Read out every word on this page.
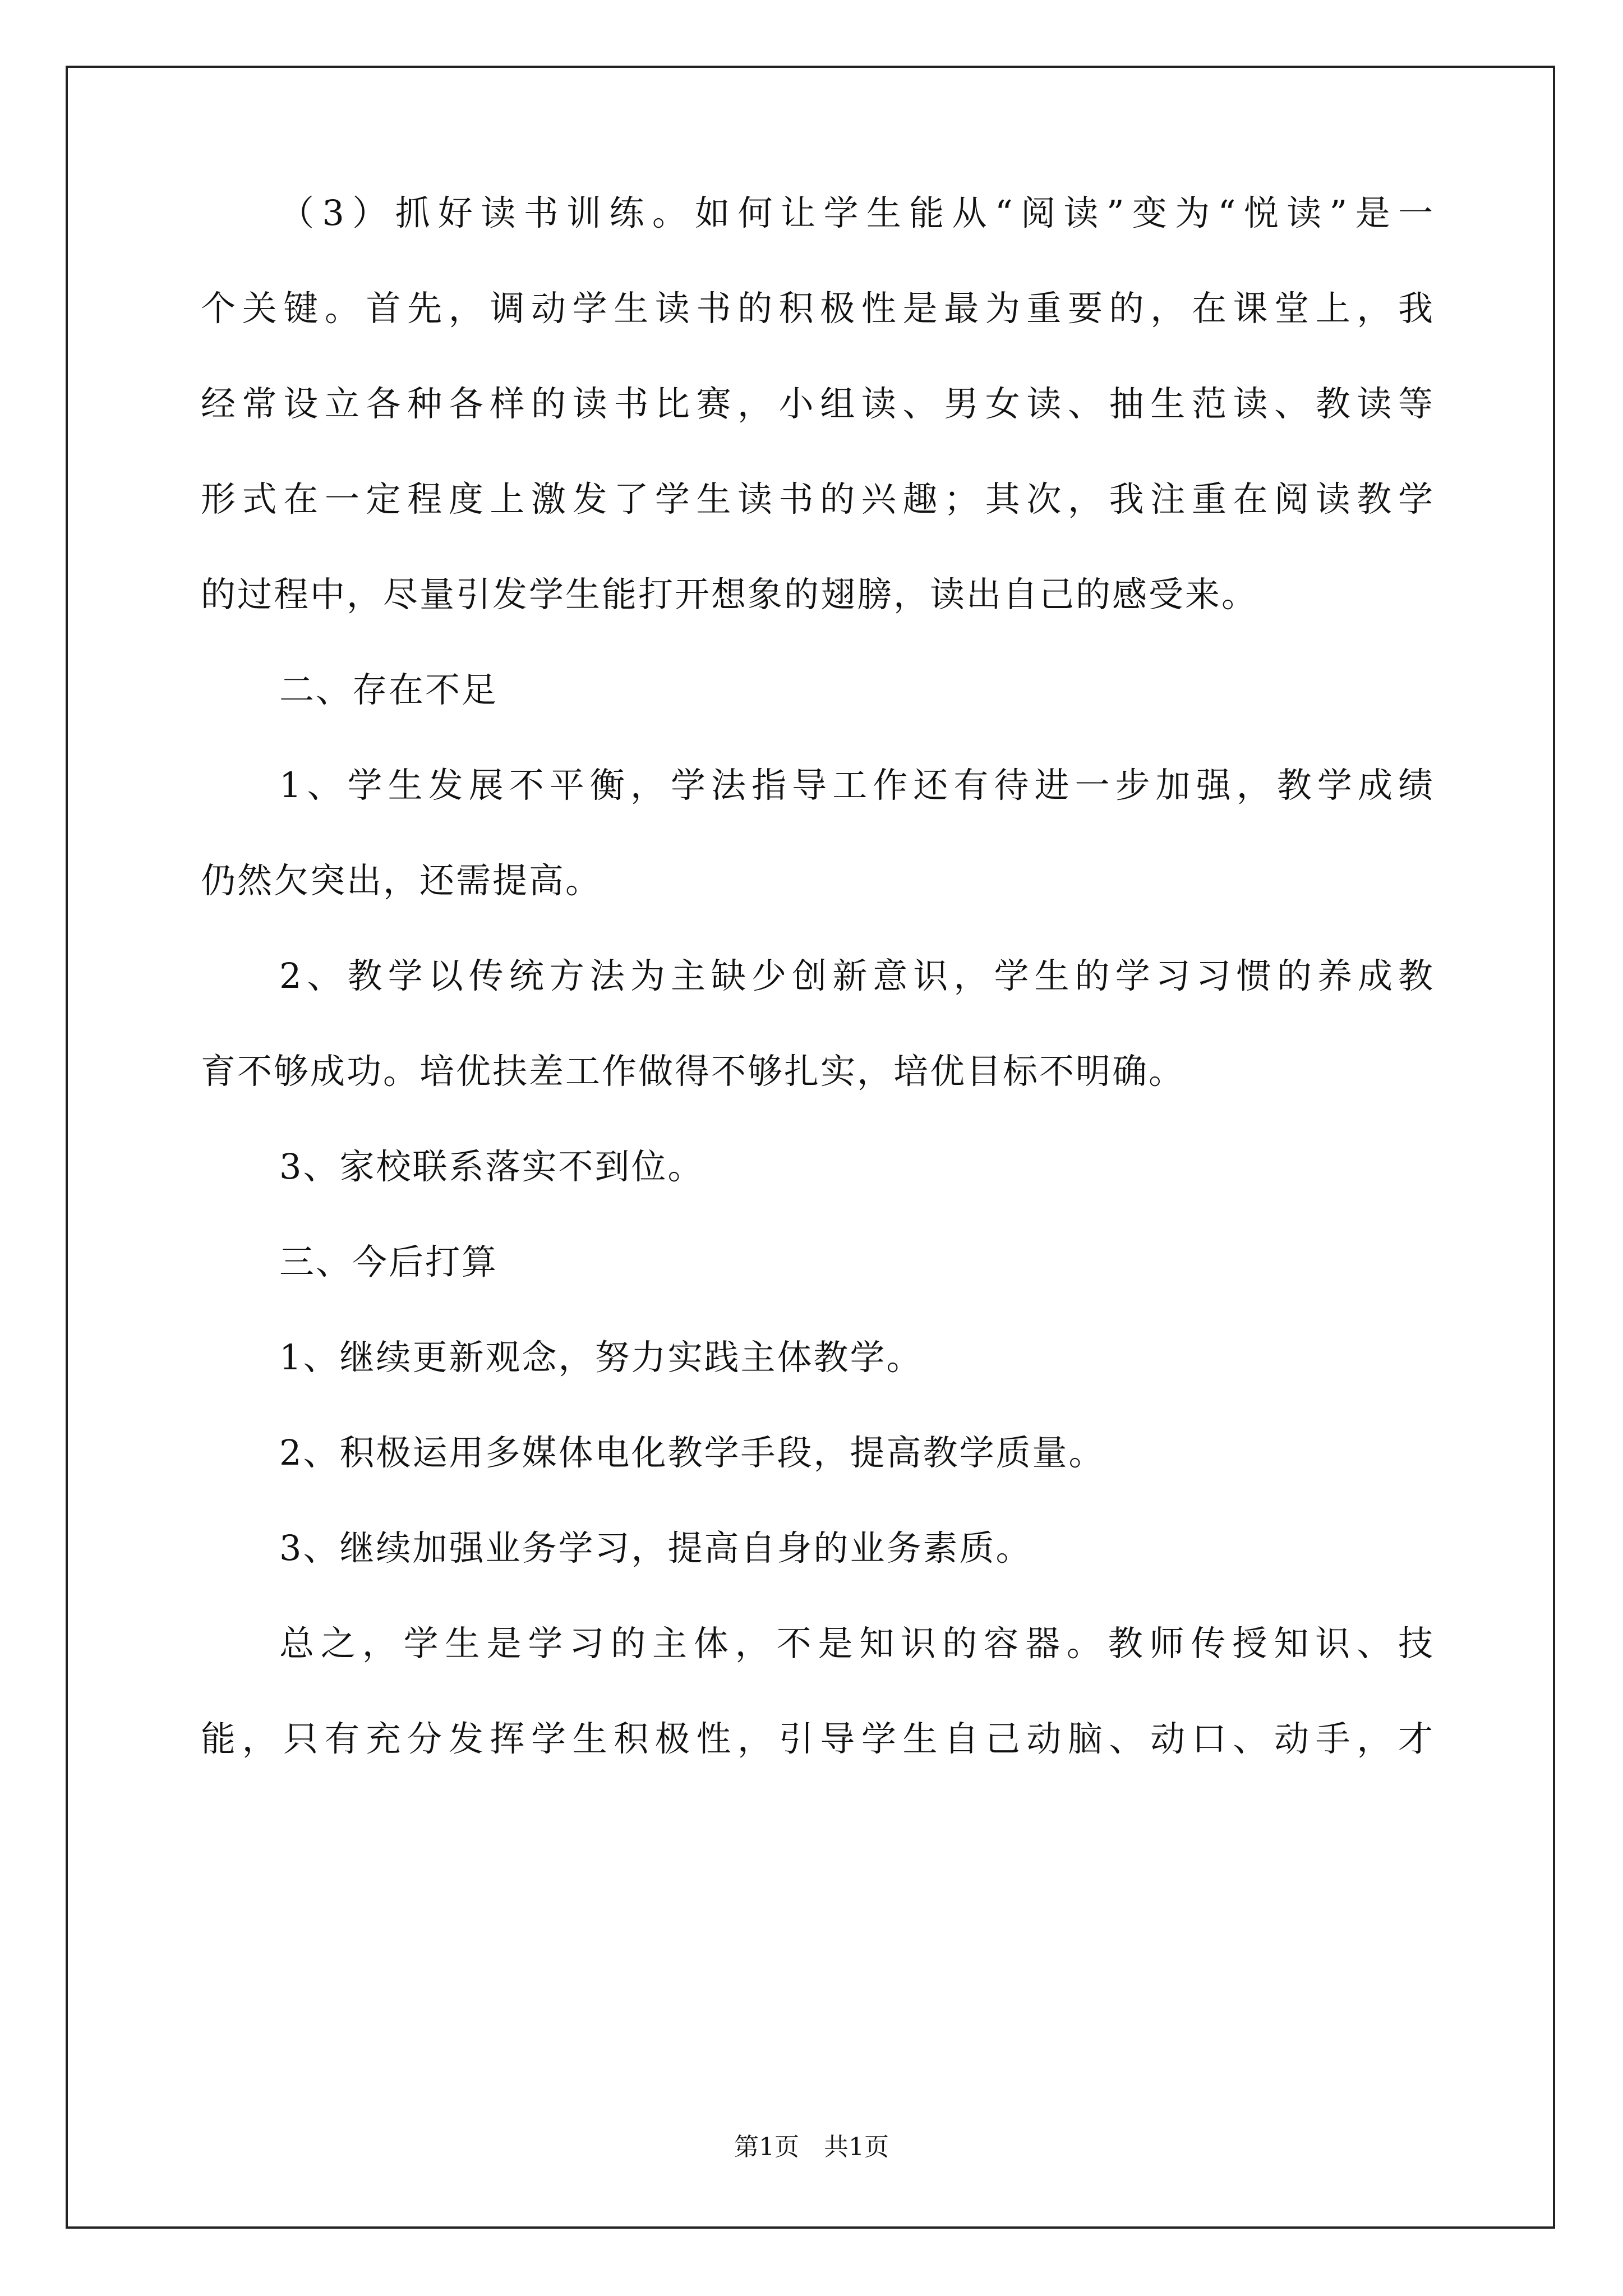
（3）抓好读书训练。如何让学生能从“阅读”变为“悦读”是一
个关键。首先，调动学生读书的积极性是最为重要的，在课堂上，我
经常设立各种各样的读书比赛，小组读、男女读、抽生范读、教读等
形式在一定程度上激发了学生读书的兴趣；其次，我注重在阅读教学
的过程中，尽量引发学生能打开想象的翅膀，读出自己的感受来。
二、存在不足
1、学生发展不平衡，学法指导工作还有待进一步加强，教学成绩
仍然欠突出，还需提高。
2、教学以传统方法为主缺少创新意识，学生的学习习惯的养成教
育不够成功。培优扶差工作做得不够扎实，培优目标不明确。
3、家校联系落实不到位。
三、今后打算
1、继续更新观念，努力实践主体教学。
2、积极运用多媒体电化教学手段，提高教学质量。
3、继续加强业务学习，提高自身的业务素质。
总之，学生是学习的主体，不是知识的容器。教师传授知识、技
能，只有充分发挥学生积极性，引导学生自己动脑、动口、动手，才
第1页　共1页
